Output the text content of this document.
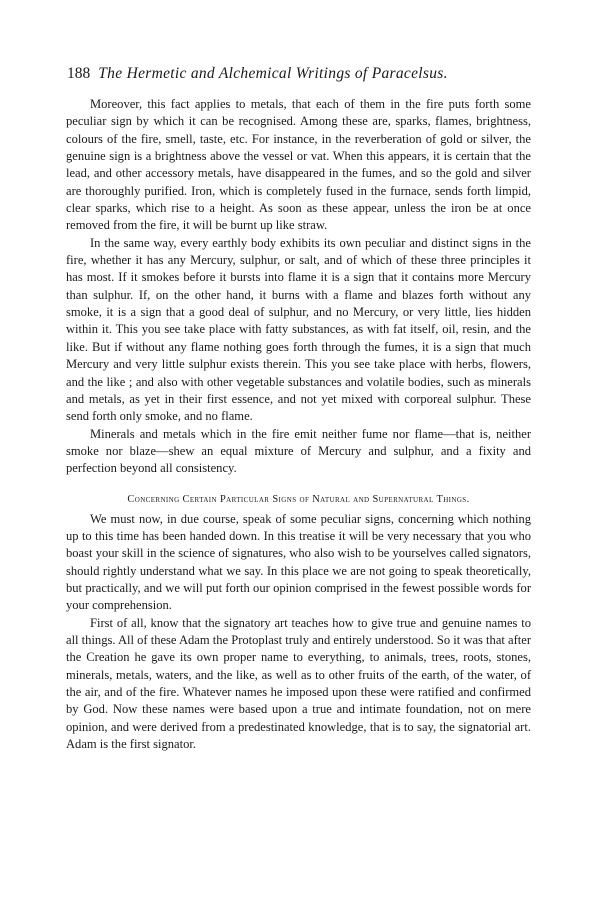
188 The Hermetic and Alchemical Writings of Paracelsus.

Moreover, this fact applies to metals, that each of them in the fire puts forth some peculiar sign by which it can be recognised. Among these are, sparks, flames, brightness, colours of the fire, smell, taste, etc. For instance, in the reverberation of gold or silver, the genuine sign is a brightness above the vessel or vat. When this appears, it is certain that the lead, and other accessory metals, have disappeared in the fumes, and so the gold and silver are thoroughly purified. Iron, which is completely fused in the furnace, sends forth limpid, clear sparks, which rise to a height. As soon as these appear, unless the iron be at once removed from the fire, it will be burnt up like straw.

In the same way, every earthly body exhibits its own peculiar and distinct signs in the fire, whether it has any Mercury, sulphur, or salt, and of which of these three principles it has most. If it smokes before it bursts into flame it is a sign that it contains more Mercury than sulphur. If, on the other hand, it burns with a flame and blazes forth without any smoke, it is a sign that a good deal of sulphur, and no Mercury, or very little, lies hidden within it. This you see take place with fatty substances, as with fat itself, oil, resin, and the like. But if without any flame nothing goes forth through the fumes, it is a sign that much Mercury and very little sulphur exists therein. This you see take place with herbs, flowers, and the like ; and also with other vegetable substances and volatile bodies, such as minerals and metals, as yet in their first essence, and not yet mixed with corporeal sulphur. These send forth only smoke, and no flame.

Minerals and metals which in the fire emit neither fume nor flame—that is, neither smoke nor blaze—shew an equal mixture of Mercury and sulphur, and a fixity and perfection beyond all consistency.

Concerning Certain Particular Signs of Natural and Supernatural Things.

We must now, in due course, speak of some peculiar signs, concerning which nothing up to this time has been handed down. In this treatise it will be very necessary that you who boast your skill in the science of signatures, who also wish to be yourselves called signators, should rightly understand what we say. In this place we are not going to speak theoretically, but practically, and we will put forth our opinion comprised in the fewest possible words for your comprehension.

First of all, know that the signatory art teaches how to give true and genuine names to all things. All of these Adam the Protoplast truly and entirely understood. So it was that after the Creation he gave its own proper name to everything, to animals, trees, roots, stones, minerals, metals, waters, and the like, as well as to other fruits of the earth, of the water, of the air, and of the fire. Whatever names he imposed upon these were ratified and confirmed by God. Now these names were based upon a true and intimate foundation, not on mere opinion, and were derived from a predestinated knowledge, that is to say, the signatorial art. Adam is the first signator.
